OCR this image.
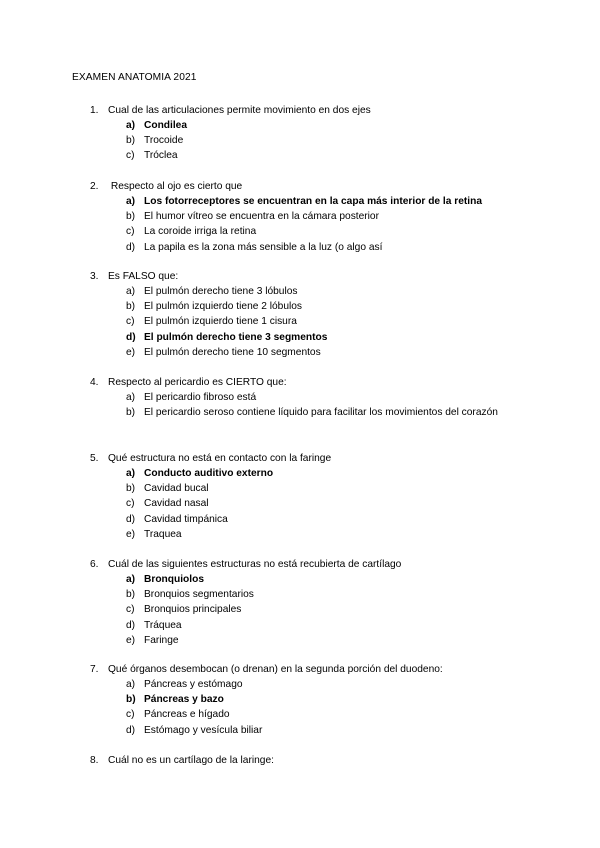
EXAMEN ANATOMIA 2021
1. Cual de las articulaciones permite movimiento en dos ejes
a) Condilea
b) Trocoide
c) Tróclea
2. Respecto al ojo es cierto que
a) Los fotorreceptores se encuentran en la capa más interior de la retina
b) El humor vítreo se encuentra en la cámara posterior
c) La coroide irriga la retina
d) La papila es la zona más sensible a la luz (o algo así
3. Es FALSO que:
a) El pulmón derecho tiene 3 lóbulos
b) El pulmón izquierdo tiene 2 lóbulos
c) El pulmón izquierdo tiene 1 cisura
d) El pulmón derecho tiene 3 segmentos
e) El pulmón derecho tiene 10 segmentos
4. Respecto al pericardio es CIERTO que:
a) El pericardio fibroso está
b) El pericardio seroso contiene líquido para facilitar los movimientos del corazón
5. Qué estructura no está en contacto con la faringe
a) Conducto auditivo externo
b) Cavidad bucal
c) Cavidad nasal
d) Cavidad timpánica
e) Traquea
6. Cuál de las siguientes estructuras no está recubierta de cartílago
a) Bronquiolos
b) Bronquios segmentarios
c) Bronquios principales
d) Tráquea
e) Faringe
7. Qué órganos desembocan (o drenan) en la segunda porción del duodeno:
a) Páncreas y estómago
b) Páncreas y bazo
c) Páncreas e hígado
d) Estómago y vesícula biliar
8. Cuál no es un cartílago de la laringe:
